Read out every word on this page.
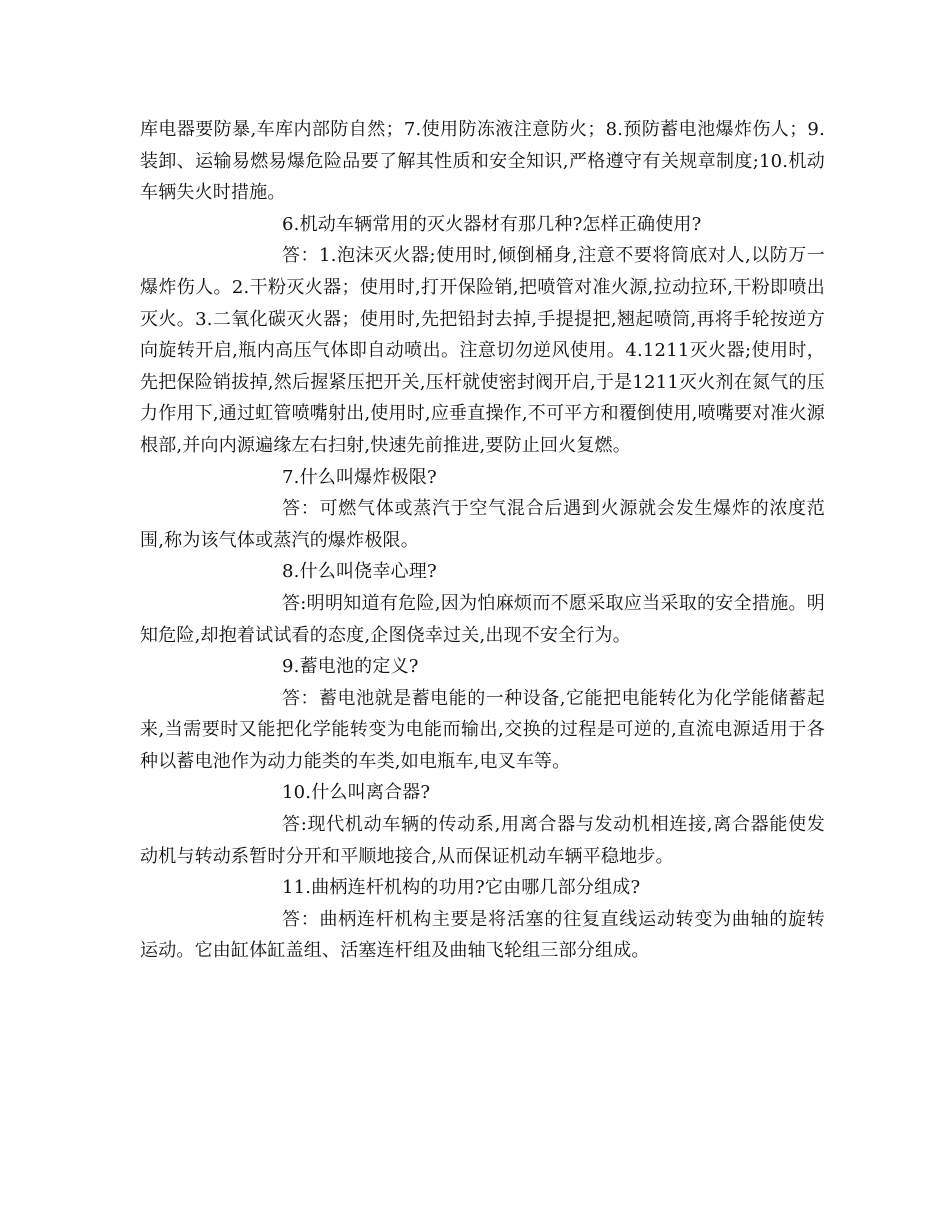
库电器要防暴,车库内部防自然；7.使用防冻液注意防火；8.预防蓄电池爆炸伤人；9.装卸、运输易燃易爆危险品要了解其性质和安全知识,严格遵守有关规章制度;10.机动车辆失火时措施。

6.机动车辆常用的灭火器材有那几种?怎样正确使用?

答：1.泡沫灭火器;使用时,倾倒桶身,注意不要将筒底对人,以防万一爆炸伤人。2.干粉灭火器；使用时,打开保险销,把喷管对准火源,拉动拉环,干粉即喷出灭火。3.二氧化碳灭火器；使用时,先把铅封去掉,手提提把,翘起喷筒,再将手轮按逆方向旋转开启,瓶内高压气体即自动喷出。注意切勿逆风使用。4.1211灭火器;使用时， 先把保险销拔掉,然后握紧压把开关,压杆就使密封阀开启,于是1211灭火剂在氮气的压力作用下,通过虹管喷嘴射出,使用时,应垂直操作,不可平方和覆倒使用,喷嘴要对准火源根部,并向内源遍缘左右扫射,快速先前推进,要防止回火复燃。

7.什么叫爆炸极限?

答：可燃气体或蒸汽于空气混合后遇到火源就会发生爆炸的浓度范围,称为该气体或蒸汽的爆炸极限。

8.什么叫侥幸心理?

答:明明知道有危险,因为怕麻烦而不愿采取应当采取的安全措施。明知危险,却抱着试试看的态度,企图侥幸过关,出现不安全行为。

9.蓄电池的定义?

答：蓄电池就是蓄电能的一种设备,它能把电能转化为化学能储蓄起来,当需要时又能把化学能转变为电能而输出,交换的过程是可逆的,直流电源适用于各种以蓄电池作为动力能类的车类,如电瓶车,电叉车等。

10.什么叫离合器?

答:现代机动车辆的传动系,用离合器与发动机相连接,离合器能使发动机与转动系暂时分开和平顺地接合,从而保证机动车辆平稳地步。

11.曲柄连杆机构的功用?它由哪几部分组成?

答：曲柄连杆机构主要是将活塞的往复直线运动转变为曲轴的旋转运动。它由缸体缸盖组、活塞连杆组及曲轴飞轮组三部分组成。
